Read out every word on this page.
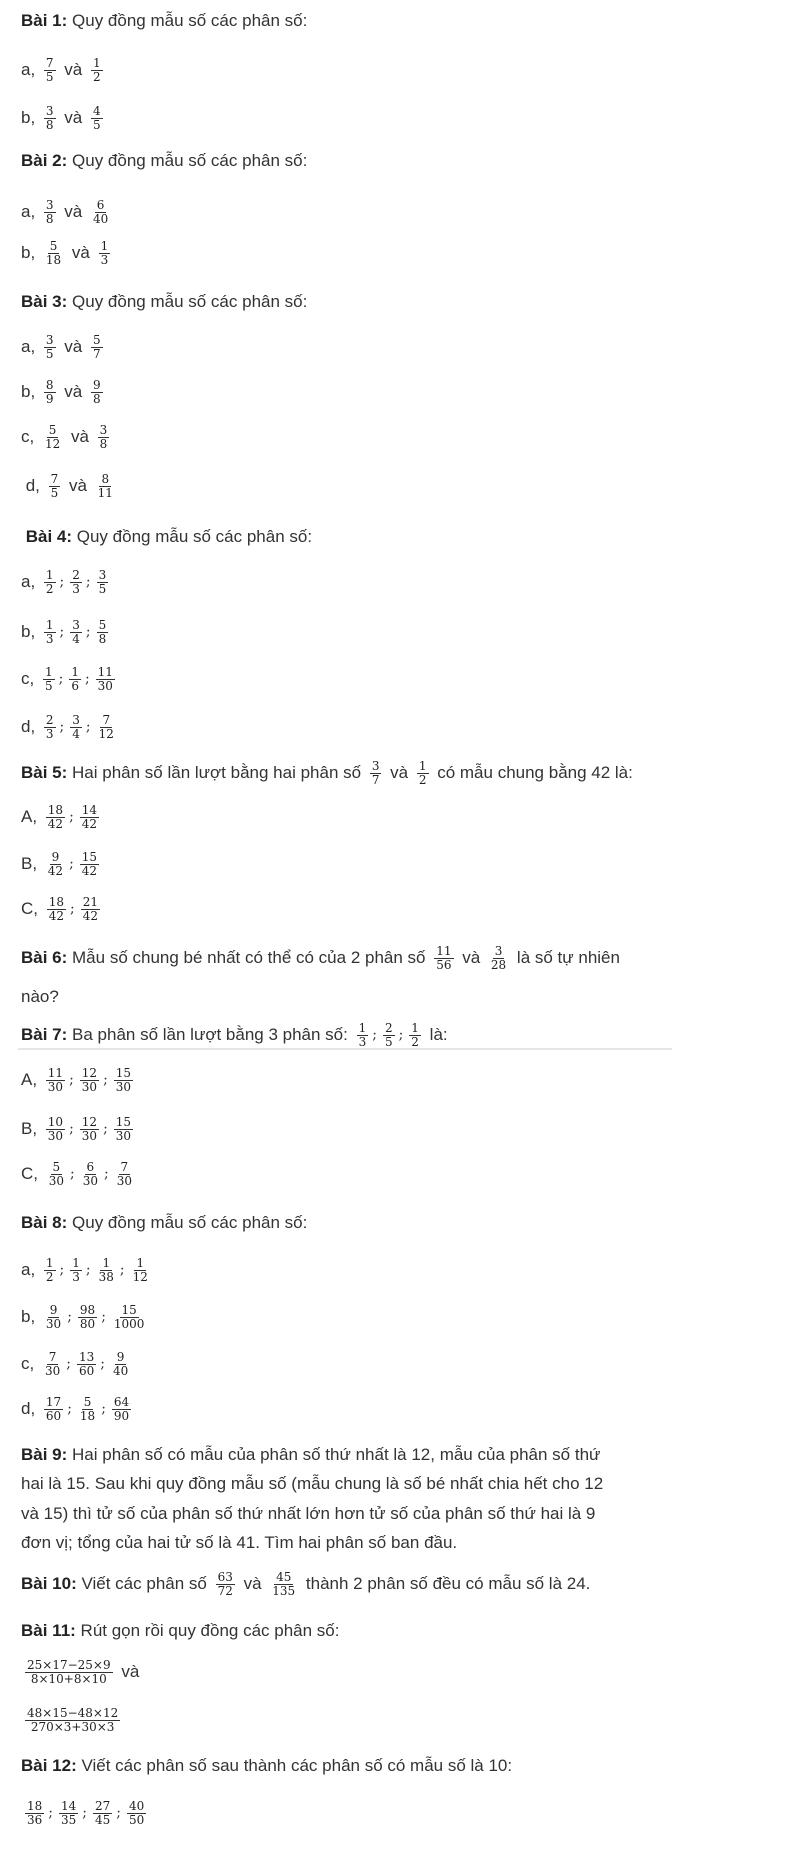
Bài 1: Quy đồng mẫu số các phân số:
a, $\frac{7}{5}$ và $\frac{1}{2}$
b, $\frac{3}{8}$ và $\frac{4}{5}$
Bài 2: Quy đồng mẫu số các phân số:
a, $\frac{3}{8}$ và $\frac{6}{40}$
b, $\frac{5}{18}$ và $\frac{1}{3}$
Bài 3: Quy đồng mẫu số các phân số:
a, $\frac{3}{5}$ và $\frac{5}{7}$
b, $\frac{8}{9}$ và $\frac{9}{8}$
c, $\frac{5}{12}$ và $\frac{3}{8}$
d, $\frac{7}{5}$ và $\frac{8}{11}$
Bài 4: Quy đồng mẫu số các phân số:
a, $\frac{1}{2}$ ; $\frac{2}{3}$ ; $\frac{3}{5}$
b, $\frac{1}{3}$ ; $\frac{3}{4}$ ; $\frac{5}{8}$
c, $\frac{1}{5}$ ; $\frac{1}{6}$ ; $\frac{11}{30}$
d, $\frac{2}{3}$ ; $\frac{3}{4}$ ; $\frac{7}{12}$
Bài 5: Hai phân số lần lượt bằng hai phân số $\frac{3}{7}$ và $\frac{1}{2}$ có mẫu chung bằng 42 là:
A, $\frac{18}{42}$ ; $\frac{14}{42}$
B, $\frac{9}{42}$ ; $\frac{15}{42}$
C, $\frac{18}{42}$ ; $\frac{21}{42}$
Bài 6: Mẫu số chung bé nhất có thể có của 2 phân số $\frac{11}{56}$ và $\frac{3}{28}$ là số tự nhiên
nào?
Bài 7: Ba phân số lần lượt bằng 3 phân số: $\frac{1}{3}$ ; $\frac{2}{5}$ ; $\frac{1}{2}$ là:
A, $\frac{11}{30}$ ; $\frac{12}{30}$ ; $\frac{15}{30}$
B, $\frac{10}{30}$ ; $\frac{12}{30}$ ; $\frac{15}{30}$
C, $\frac{5}{30}$ ; $\frac{6}{30}$ ; $\frac{7}{30}$
Bài 8: Quy đồng mẫu số các phân số:
a, $\frac{1}{2}$ ; $\frac{1}{3}$ ; $\frac{1}{38}$ ; $\frac{1}{12}$
b, $\frac{9}{30}$ ; $\frac{98}{80}$ ; $\frac{15}{1000}$
c, $\frac{7}{30}$ ; $\frac{13}{60}$ ; $\frac{9}{40}$
d, $\frac{17}{60}$ ; $\frac{5}{18}$ ; $\frac{64}{90}$
Bài 9: Hai phân số có mẫu của phân số thứ nhất là 12, mẫu của phân số thứ
hai là 15. Sau khi quy đồng mẫu số (mẫu chung là số bé nhất chia hết cho 12
và 15) thì tử số của phân số thứ nhất lớn hơn tử số của phân số thứ hai là 9
đơn vị; tổng của hai tử số là 41. Tìm hai phân số ban đầu.
Bài 10: Viết các phân số $\frac{63}{72}$ và $\frac{45}{135}$ thành 2 phân số đều có mẫu số là 24.
Bài 11: Rút gọn rồi quy đồng các phân số:
$\frac{25\times 17-25\times 9}{8\times 10+8\times 10}$ và
$\frac{48\times 15-48\times 12}{270\times 3+30\times 3}$
Bài 12: Viết các phân số sau thành các phân số có mẫu số là 10:
$\frac{18}{36}$ ; $\frac{14}{35}$ ; $\frac{27}{45}$ ; $\frac{40}{50}$
